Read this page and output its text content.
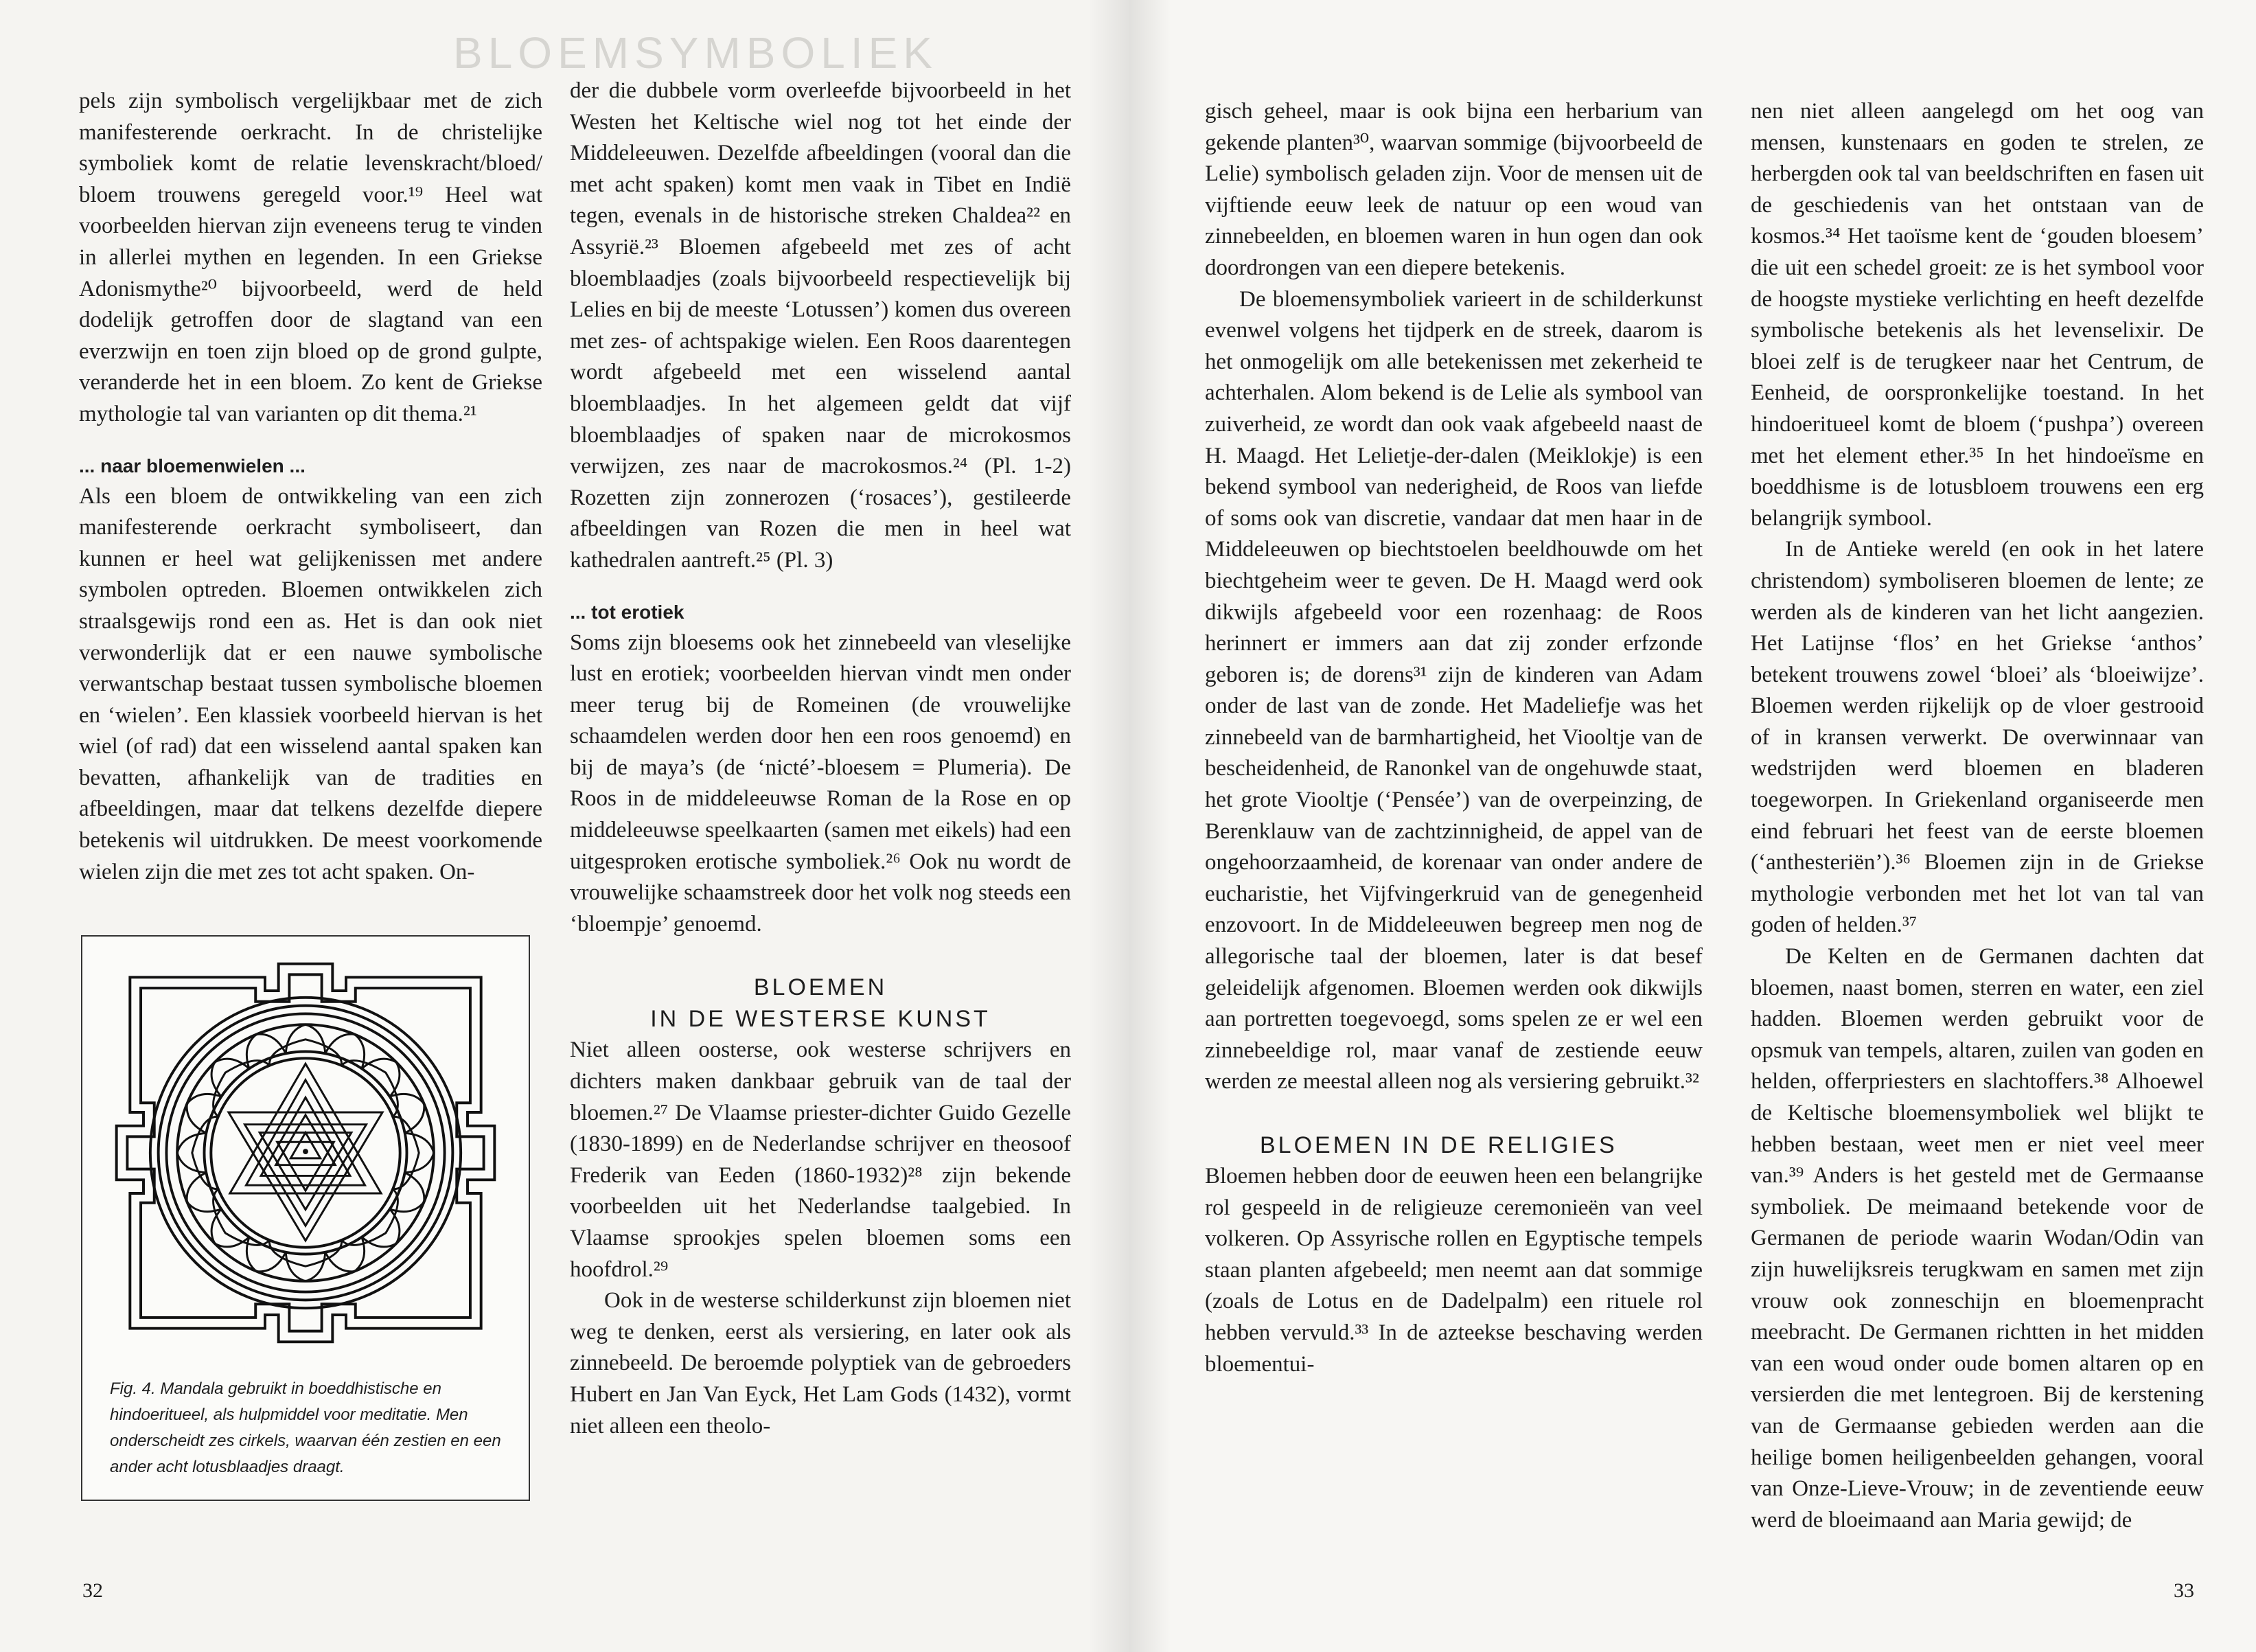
BLOEMSYMBOLIEK

pels zijn symbolisch vergelijkbaar met de zich manifesterende oerkracht. In de christelijke symboliek komt de relatie levenskracht/bloed/ bloem trouwens geregeld voor.¹⁹ Heel wat voorbeelden hiervan zijn eveneens terug te vinden in allerlei mythen en legenden. In een Griekse Adonismythe²⁰ bijvoorbeeld, werd de held dodelijk getroffen door de slagtand van een everzwijn en toen zijn bloed op de grond gulpte, veranderde het in een bloem. Zo kent de Griekse mythologie tal van varianten op dit thema.²¹

... naar bloemenwielen ...

Als een bloem de ontwikkeling van een zich manifesterende oerkracht symboliseert, dan kunnen er heel wat gelijkenissen met andere symbolen optreden. Bloemen ontwikkelen zich straalsgewijs rond een as. Het is dan ook niet verwonderlijk dat er een nauwe symbolische verwantschap bestaat tussen symbolische bloemen en ‘wielen’. Een klassiek voorbeeld hiervan is het wiel (of rad) dat een wisselend aantal spaken kan bevatten, afhankelijk van de tradities en afbeeldingen, maar dat telkens dezelfde diepere betekenis wil uitdrukken. De meest voorkomende wielen zijn die met zes tot acht spaken. On-

Fig. 4. Mandala gebruikt in boeddhistische en hindoeritueel, als hulpmiddel voor meditatie. Men onderscheidt zes cirkels, waarvan één zestien en een ander acht lotusblaadjes draagt.

der die dubbele vorm overleefde bijvoorbeeld in het Westen het Keltische wiel nog tot het einde der Middeleeuwen. Dezelfde afbeeldingen (vooral dan die met acht spaken) komt men vaak in Tibet en Indië tegen, evenals in de historische streken Chaldea²² en Assyrië.²³ Bloemen afgebeeld met zes of acht bloemblaadjes (zoals bijvoorbeeld respectievelijk bij Lelies en bij de meeste ‘Lotussen’) komen dus overeen met zes- of achtspakige wielen. Een Roos daarentegen wordt afgebeeld met een wisselend aantal bloemblaadjes. In het algemeen geldt dat vijf bloemblaadjes of spaken naar de microkosmos verwijzen, zes naar de macrokosmos.²⁴ (Pl. 1-2) Rozetten zijn zonnerozen (‘rosaces’), gestileerde afbeeldingen van Rozen die men in heel wat kathedralen aantreft.²⁵ (Pl. 3)

... tot erotiek

Soms zijn bloesems ook het zinnebeeld van vleselijke lust en erotiek; voorbeelden hiervan vindt men onder meer terug bij de Romeinen (de vrouwelijke schaamdelen werden door hen een roos genoemd) en bij de maya’s (de ‘nicté’-bloesem = Plumeria). De Roos in de middeleeuwse Roman de la Rose en op middeleeuwse speelkaarten (samen met eikels) had een uitgesproken erotische symboliek.²⁶ Ook nu wordt de vrouwelijke schaamstreek door het volk nog steeds een ‘bloempje’ genoemd.

BLOEMEN

IN DE WESTERSE KUNST

Niet alleen oosterse, ook westerse schrijvers en dichters maken dankbaar gebruik van de taal der bloemen.²⁷ De Vlaamse priester-dichter Guido Gezelle (1830-1899) en de Nederlandse schrijver en theosoof Frederik van Eeden (1860-1932)²⁸ zijn bekende voorbeelden uit het Nederlandse taalgebied. In Vlaamse sprookjes spelen bloemen soms een hoofdrol.²⁹

Ook in de westerse schilderkunst zijn bloemen niet weg te denken, eerst als versiering, en later ook als zinnebeeld. De beroemde polyptiek van de gebroeders Hubert en Jan Van Eyck, Het Lam Gods (1432), vormt niet alleen een theolo-

32

gisch geheel, maar is ook bijna een herbarium van gekende planten³⁰, waarvan sommige (bijvoorbeeld de Lelie) symbolisch geladen zijn. Voor de mensen uit de vijftiende eeuw leek de natuur op een woud van zinnebeelden, en bloemen waren in hun ogen dan ook doordrongen van een diepere betekenis.

De bloemensymboliek varieert in de schilderkunst evenwel volgens het tijdperk en de streek, daarom is het onmogelijk om alle betekenissen met zekerheid te achterhalen. Alom bekend is de Lelie als symbool van zuiverheid, ze wordt dan ook vaak afgebeeld naast de H. Maagd. Het Lelietje-der-dalen (Meiklokje) is een bekend symbool van nederigheid, de Roos van liefde of soms ook van discretie, vandaar dat men haar in de Middeleeuwen op biechtstoelen beeldhouwde om het biechtgeheim weer te geven. De H. Maagd werd ook dikwijls afgebeeld voor een rozenhaag: de Roos herinnert er immers aan dat zij zonder erfzonde geboren is; de dorens³¹ zijn de kinderen van Adam onder de last van de zonde. Het Madeliefje was het zinnebeeld van de barmhartigheid, het Viooltje van de bescheidenheid, de Ranonkel van de ongehuwde staat, het grote Viooltje (‘Pensée’) van de overpeinzing, de Berenklauw van de zachtzinnigheid, de appel van de ongehoorzaamheid, de korenaar van onder andere de eucharistie, het Vijfvingerkruid van de genegenheid enzovoort. In de Middeleeuwen begreep men nog de allegorische taal der bloemen, later is dat besef geleidelijk afgenomen. Bloemen werden ook dikwijls aan portretten toegevoegd, soms spelen ze er wel een zinnebeeldige rol, maar vanaf de zestiende eeuw werden ze meestal alleen nog als versiering gebruikt.³²

BLOEMEN IN DE RELIGIES

Bloemen hebben door de eeuwen heen een belangrijke rol gespeeld in de religieuze ceremonieën van veel volkeren. Op Assyrische rollen en Egyptische tempels staan planten afgebeeld; men neemt aan dat sommige (zoals de Lotus en de Dadelpalm) een rituele rol hebben vervuld.³³ In de azteekse beschaving werden bloementui-

nen niet alleen aangelegd om het oog van mensen, kunstenaars en goden te strelen, ze herbergden ook tal van beeldschriften en fasen uit de geschiedenis van het ontstaan van de kosmos.³⁴ Het taoïsme kent de ‘gouden bloesem’ die uit een schedel groeit: ze is het symbool voor de hoogste mystieke verlichting en heeft dezelfde symbolische betekenis als het levenselixir. De bloei zelf is de terugkeer naar het Centrum, de Eenheid, de oorspronkelijke toestand. In het hindoeritueel komt de bloem (‘pushpa’) overeen met het element ether.³⁵ In het hindoeïsme en boeddhisme is de lotusbloem trouwens een erg belangrijk symbool.

In de Antieke wereld (en ook in het latere christendom) symboliseren bloemen de lente; ze werden als de kinderen van het licht aangezien. Het Latijnse ‘flos’ en het Griekse ‘anthos’ betekent trouwens zowel ‘bloei’ als ‘bloeiwijze’. Bloemen werden rijkelijk op de vloer gestrooid of in kransen verwerkt. De overwinnaar van wedstrijden werd bloemen en bladeren toegeworpen. In Griekenland organiseerde men eind februari het feest van de eerste bloemen (‘anthesteriën’).³⁶ Bloemen zijn in de Griekse mythologie verbonden met het lot van tal van goden of helden.³⁷

De Kelten en de Germanen dachten dat bloemen, naast bomen, sterren en water, een ziel hadden. Bloemen werden gebruikt voor de opsmuk van tempels, altaren, zuilen van goden en helden, offerpriesters en slachtoffers.³⁸ Alhoewel de Keltische bloemensymboliek wel blijkt te hebben bestaan, weet men er niet veel meer van.³⁹ Anders is het gesteld met de Germaanse symboliek. De meimaand betekende voor de Germanen de periode waarin Wodan/Odin van zijn huwelijksreis terugkwam en samen met zijn vrouw ook zonneschijn en bloemenpracht meebracht. De Germanen richtten in het midden van een woud onder oude bomen altaren op en versierden die met lentegroen. Bij de kerstening van de Germaanse gebieden werden aan die heilige bomen heiligenbeelden gehangen, vooral van Onze-Lieve-Vrouw; in de zeventiende eeuw werd de bloeimaand aan Maria gewijd; de

33
